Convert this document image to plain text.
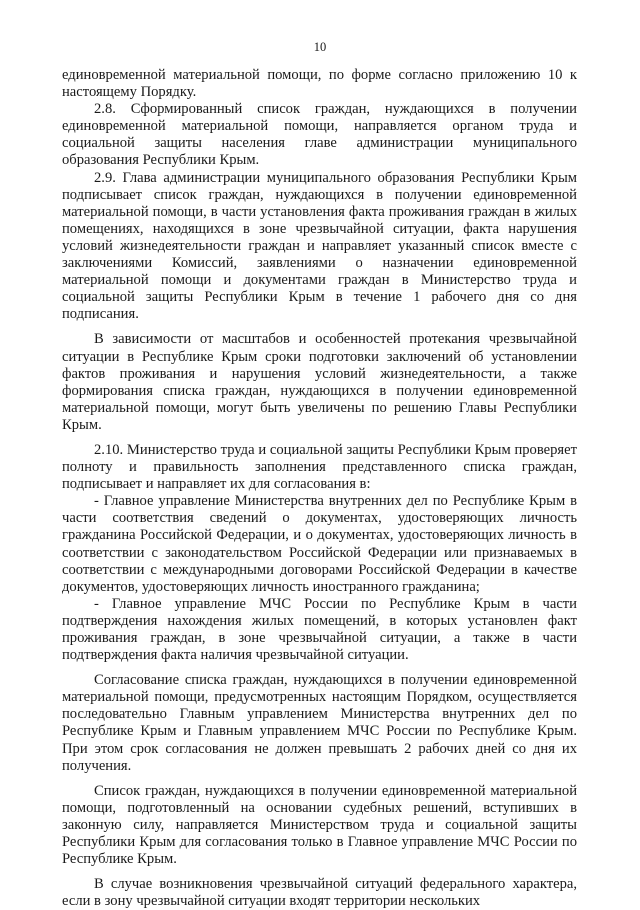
10

единовременной материальной помощи, по форме согласно приложению 10 к настоящему Порядку.

2.8. Сформированный список граждан, нуждающихся в получении единовременной материальной помощи, направляется органом труда и социальной защиты населения главе администрации муниципального образования Республики Крым.

2.9. Глава администрации муниципального образования Республики Крым подписывает список граждан, нуждающихся в получении единовременной материальной помощи, в части установления факта проживания граждан в жилых помещениях, находящихся в зоне чрезвычайной ситуации, факта нарушения условий жизнедеятельности граждан и направляет указанный список вместе с заключениями Комиссий, заявлениями о назначении единовременной материальной помощи и документами граждан в Министерство труда и социальной защиты Республики Крым в течение 1 рабочего дня со дня подписания.

В зависимости от масштабов и особенностей протекания чрезвычайной ситуации в Республике Крым сроки подготовки заключений об установлении фактов проживания и нарушения условий жизнедеятельности, а также формирования списка граждан, нуждающихся в получении единовременной материальной помощи, могут быть увеличены по решению Главы Республики Крым.

2.10. Министерство труда и социальной защиты Республики Крым проверяет полноту и правильность заполнения представленного списка граждан, подписывает и направляет их для согласования в:

- Главное управление Министерства внутренних дел по Республике Крым в части соответствия сведений о документах, удостоверяющих личность гражданина Российской Федерации, и о документах, удостоверяющих личность в соответствии с законодательством Российской Федерации или признаваемых в соответствии с международными договорами Российской Федерации в качестве документов, удостоверяющих личность иностранного гражданина;

- Главное управление МЧС России по Республике Крым в части подтверждения нахождения жилых помещений, в которых установлен факт проживания граждан, в зоне чрезвычайной ситуации, а также в части подтверждения факта наличия чрезвычайной ситуации.

Согласование списка граждан, нуждающихся в получении единовременной материальной помощи, предусмотренных настоящим Порядком, осуществляется последовательно Главным управлением Министерства внутренних дел по Республике Крым и Главным управлением МЧС России по Республике Крым. При этом срок согласования не должен превышать 2 рабочих дней со дня их получения.

Список граждан, нуждающихся в получении единовременной материальной помощи, подготовленный на основании судебных решений, вступивших в законную силу, направляется Министерством труда и социальной защиты Республики Крым для согласования только в Главное управление МЧС России по Республике Крым.

В случае возникновения чрезвычайной ситуаций федерального характера, если в зону чрезвычайной ситуации входят территории нескольких
